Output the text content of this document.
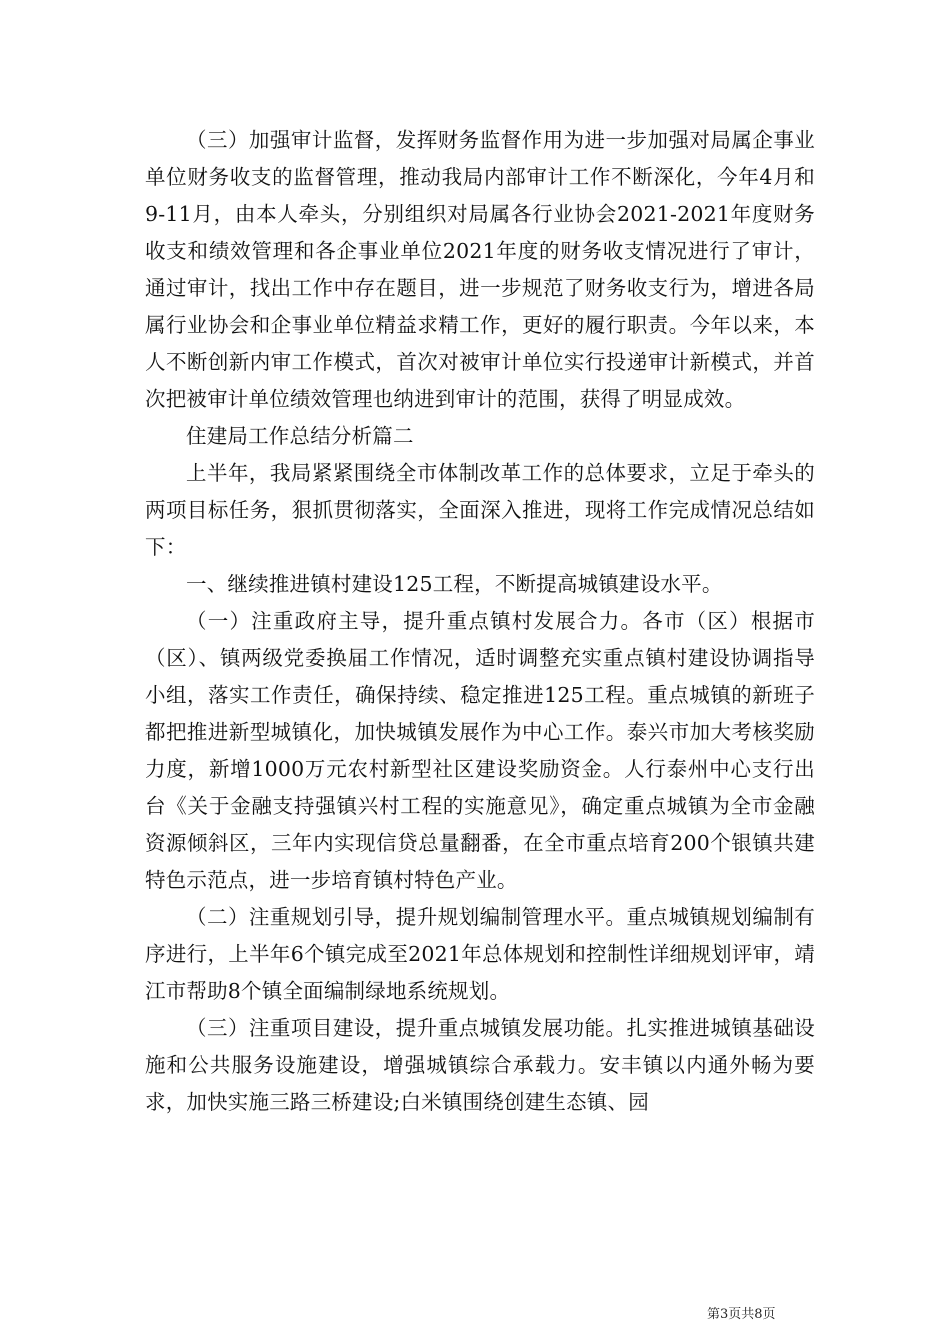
（三）加强审计监督，发挥财务监督作用为进一步加强对局属企事业单位财务收支的监督管理，推动我局内部审计工作不断深化，今年4月和9-11月，由本人牵头，分别组织对局属各行业协会2021-2021年度财务收支和绩效管理和各企事业单位2021年度的财务收支情况进行了审计，通过审计，找出工作中存在题目，进一步规范了财务收支行为，增进各局属行业协会和企事业单位精益求精工作，更好的履行职责。今年以来，本人不断创新内审工作模式，首次对被审计单位实行投递审计新模式，并首次把被审计单位绩效管理也纳进到审计的范围，获得了明显成效。

住建局工作总结分析篇二

上半年，我局紧紧围绕全市体制改革工作的总体要求，立足于牵头的两项目标任务，狠抓贯彻落实，全面深入推进，现将工作完成情况总结如下：

一、继续推进镇村建设125工程，不断提高城镇建设水平。

（一）注重政府主导，提升重点镇村发展合力。各市（区）根据市（区）、镇两级党委换届工作情况，适时调整充实重点镇村建设协调指导小组，落实工作责任，确保持续、稳定推进125工程。重点城镇的新班子都把推进新型城镇化，加快城镇发展作为中心工作。泰兴市加大考核奖励力度，新增1000万元农村新型社区建设奖励资金。人行泰州中心支行出台《关于金融支持强镇兴村工程的实施意见》，确定重点城镇为全市金融资源倾斜区，三年内实现信贷总量翻番，在全市重点培育200个银镇共建特色示范点，进一步培育镇村特色产业。

（二）注重规划引导，提升规划编制管理水平。重点城镇规划编制有序进行，上半年6个镇完成至2021年总体规划和控制性详细规划评审，靖江市帮助8个镇全面编制绿地系统规划。

（三）注重项目建设，提升重点城镇发展功能。扎实推进城镇基础设施和公共服务设施建设，增强城镇综合承载力。安丰镇以内通外畅为要求，加快实施三路三桥建设;白米镇围绕创建生态镇、园

第3页共8页
